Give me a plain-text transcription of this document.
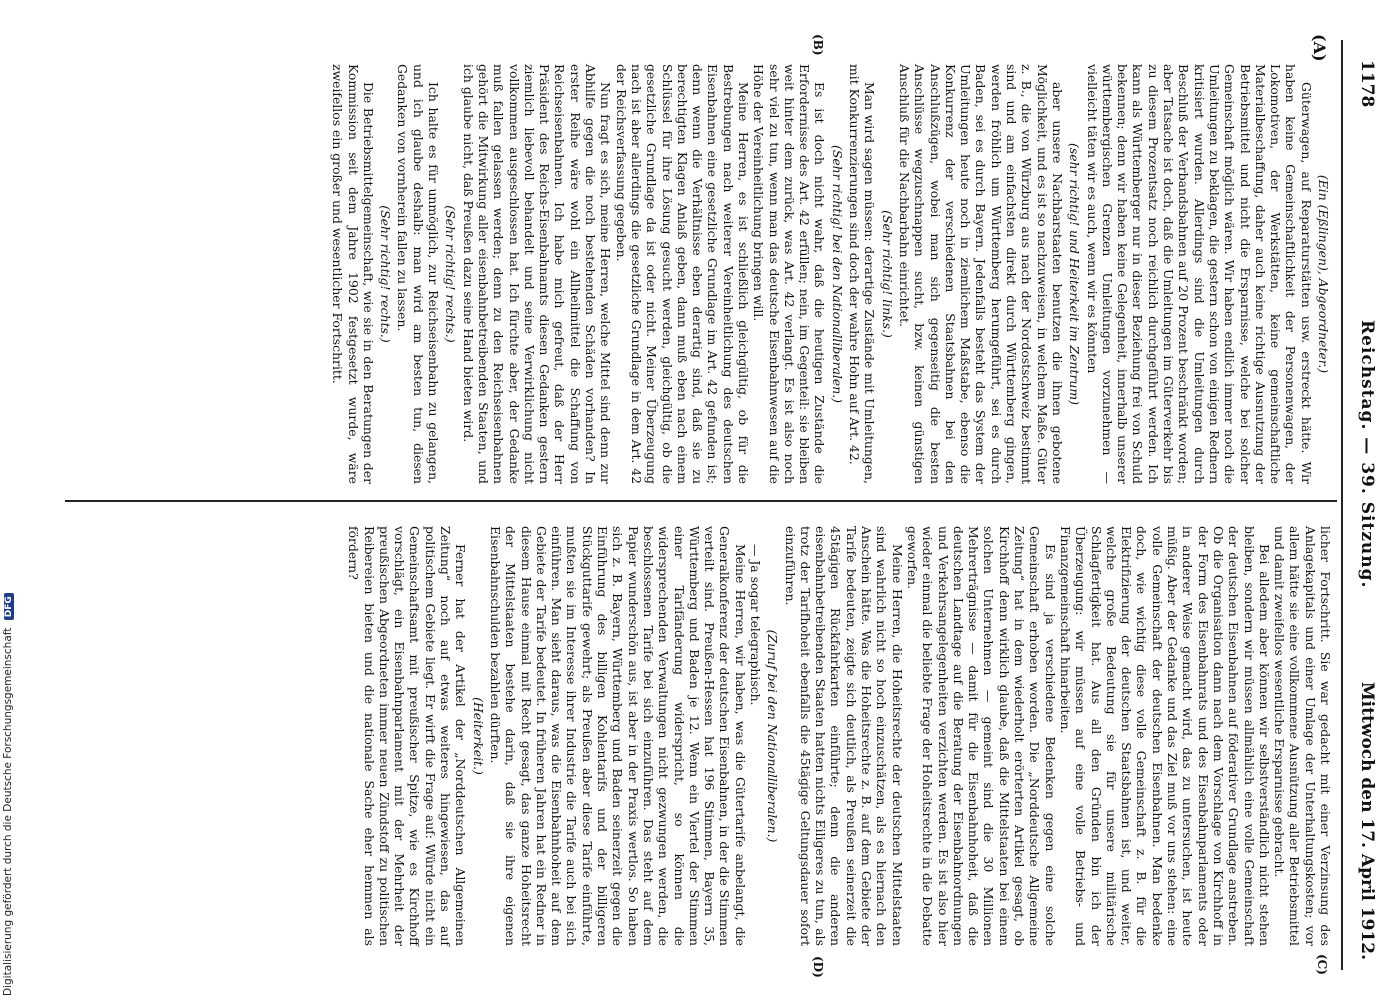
1178
Reichstag. — 39. Sitzung.
Mittwoch den 17. April 1912.
(A)
(B)
(C)
(D)

(Ein (Eßlingen), Abgeordneter.)

Güterwagen, auf Reparaturstätten usw. erstreckt hätte. Wir haben keine Gemeinschaftlichkeit der Personenwagen, der Lokomotiven, der Werkstätten, keine gemeinschaftliche Materialbeschaffung, daher auch keine richtige Ausnutzung der Betriebsmittel und nicht die Ersparnisse, welche bei solcher Gemeinschaft möglich wären. Wir haben endlich immer noch die Umleitungen zu beklagen, die gestern schon von einigen Rednern kritisiert wurden. Allerdings sind die Umleitungen durch Beschluß der Verbandsbahnen auf 20 Prozent beschränkt worden; aber Tatsache ist doch, daß die Umleitungen im Güterverkehr bis zu diesem Prozentsatz noch reichlich durchgeführt werden. Ich kann als Württemberger nur in dieser Beziehung frei von Schuld bekennen; denn wir haben keine Gelegenheit, innerhalb unserer württembergischen Grenzen Umleitungen vorzunehmen — vielleicht täten wir es auch, wenn wir es könnten

(sehr richtig! und Heiterkeit im Zentrum)

aber unsere Nachbarstaaten benutzen die ihnen gebotene Möglichkeit, und es ist so nachzuweisen, in welchem Maße. Güter z. B., die von Würzburg aus nach der Nordostschweiz bestimmt sind und am einfachsten direkt durch Württemberg gingen, werden fröhlich um Württemberg herumgeführt, sei es durch Baden, sei es durch Bayern. Jedenfalls besteht das System der Umleitungen heute noch in ziemlichem Maßstabe, ebenso die Konkurrenz der verschiedenen Staatsbahnen bei den Anschlußzügen, wobei man sich gegenseitig die besten Anschlüsse wegzuschnappen sucht, bzw. keinen günstigen Anschluß für die Nachbarbahn einrichtet.

(Sehr richtig! links.)

Man wird sagen müssen: derartige Zustände mit Umleitungen, mit Konkurrenzierungen sind doch der wahre Hohn auf Art. 42.

(Sehr richtig! bei den Nationalliberalen.)

Es ist doch nicht wahr, daß die heutigen Zustände die Erfordernisse des Art. 42 erfüllen; nein, im Gegenteil: sie bleiben weit hinter dem zurück, was Art. 42 verlangt. Es ist also noch sehr viel zu tun, wenn man das deutsche Eisenbahnwesen auf die Höhe der Vereinheitlichung bringen will.

Meine Herren, es ist schließlich gleichgültig, ob für die Bestrebungen nach weiterer Vereinheitlichung des deutschen Eisenbahnen eine gesetzliche Grundlage im Art. 42 gefunden ist; denn wenn die Verhältnisse eben derartig sind, daß sie zu berechtigten Klagen Anlaß geben, dann muß eben nach einem Schlüssel für ihre Lösung gesucht werden, gleichgültig, ob die gesetzliche Grundlage da ist oder nicht. Meiner Überzeugung nach ist aber allerdings die gesetzliche Grundlage in dem Art. 42 der Reichsverfassung gegeben.

Nun fragt es sich, meine Herren, welche Mittel sind denn zur Abhilfe gegen die noch bestehenden Schäden vorhanden? In erster Reihe wäre wohl ein Allheilmittel die Schaffung von Reichseisenbahnen. Ich habe mich gefreut, daß der Herr Präsident des Reichs-Eisenbahnamts diesen Gedanken gestern ziemlich liebevoll behandelt und seine Verwirklichung nicht vollkommen ausgeschlossen hat. Ich fürchte aber, der Gedanke muß fallen gelassen werden; denn zu den Reichseisenbahnen gehört die Mitwirkung aller eisenbahnbetreibenden Staaten, und ich glaube nicht, daß Preußen dazu seine Hand bieten wird.

(Sehr richtig! rechts.)

Ich halte es für unmöglich, zur Reichseisenbahn zu gelangen, und ich glaube deshalb: man wird am besten tun, diesen Gedanken von vornherein fallen zu lassen.

(Sehr richtig! rechts.)

Die Betriebsmittelgemeinschaft, wie sie in den Beratungen der Kommission seit dem Jahre 1902 festgesetzt wurde, wäre zweifellos ein großer und wesentlicher Fortschritt.

licher Fortschritt. Sie war gedacht mit einer Verzinsung des Anlagekapitals und einer Umlage der Unterhaltungskosten; vor allem hätte sie eine vollkommene Ausnützung aller Betriebsmittel und damit zweifellos wesentliche Ersparnisse gebracht.

Bei alledem aber können wir selbstverständlich nicht stehen bleiben, sondern wir müssen allmählich eine volle Gemeinschaft der deutschen Eisenbahnen auf föderativer Grundlage anstreben. Ob die Organisation dann nach dem Vorschlage von Kirchhoff in der Form des Eisenbahnrats und des Eisenbahnparlaments oder in anderer Weise gemacht wird, das zu untersuchen, ist heute müßig. Aber der Gedanke und das Ziel muß vor uns stehen: eine volle Gemeinschaft der deutschen Eisenbahnen. Man bedenke doch, wie wichtig diese volle Gemeinschaft z. B. für die Elektrifizierung der deutschen Staatsbahnen ist, und weiter, welche große Bedeutung sie für unsere militärische Schlagfertigkeit hat. Aus all den Gründen bin ich der Überzeugung: wir müssen auf eine volle Betriebs- und Finanzgemeinschaft hinarbeiten.

Es sind ja verschiedene Bedenken gegen eine solche Gemeinschaft erhoben worden. Die „Norddeutsche Allgemeine Zeitung“ hat in dem wiederholt erörterten Artikel gesagt, ob Kirchhoff denn wirklich glaube, daß die Mittelstaaten bei einem solchen Unternehmen — gemeint sind die 30 Millionen Mehrerträgnisse — damit für die Eisenbahnhoheit, daß die deutschen Landtage auf die Beratung der Eisenbahnordnungen und Verkehrsangelegenheiten verzichten werden. Es ist also hier wieder einmal die beliebte Frage der Hoheitsrechte in die Debatte geworfen.

Meine Herren, die Hoheitsrechte der deutschen Mittelstaaten sind wahrlich nicht so hoch einzuschätzen, als es hiernach den Anschein hätte. Was die Hoheitsrechte z. B. auf dem Gebiete der Tarife bedeuten, zeigte sich deutlich, als Preußen seinerzeit die 45tägigen Rückfahrkarten einführte; denn die anderen eisenbahnbetreibenden Staaten hatten nichts Eiligeres zu tun, als trotz der Tarifhoheit ebenfalls die 45tägige Geltungsdauer sofort einzuführen.

(Zuruf bei den Nationalliberalen.)

— Ja sogar telegraphisch.

Meine Herren, wir haben, was die Gütertarife anbelangt, die Generalkonferenz der deutschen Eisenbahnen, in der die Stimmen verteilt sind. Preußen-Hessen hat 196 Stimmen, Bayern 35, Württemberg und Baden je 12. Wenn ein Viertel der Stimmen einer Tarifänderung widerspricht, so können die widersprechenden Verwaltungen nicht gezwungen werden, die beschlossenen Tarife bei sich einzuführen. Das steht auf dem Papier wunderschön aus, ist aber in der Praxis wertlos. So haben sich z. B. Bayern, Württemberg und Baden seinerzeit gegen die Einführung des billigen Kohlentarifs und der billigeren Stückguttarife gewehrt; als Preußen aber diese Tarife einführte, mußten sie im Interesse ihrer Industrie die Tarife auch bei sich einführen. Man sieht daraus, was die Eisenbahnhoheit auf dem Gebiete der Tarife bedeutet. In früheren Jahren hat ein Redner in diesem Hause einmal mit Recht gesagt, das ganze Hoheitsrecht der Mittelstaaten bestehe darin, daß sie ihre eigenen Eisenbahnschulden bezahlen dürften.

(Heiterkeit.)

Ferner hat der Artikel der „Norddeutschen Allgemeinen Zeitung“ noch auf etwas weiteres hingewiesen, das auf politischem Gebiete liegt. Er wirft die Frage auf: Würde nicht ein Gemeinschaftsamt mit preußischer Spitze, wie es Kirchhoff vorschlägt, ein Eisenbahnparlament mit der Mehrheit der preußischen Abgeordneten immer neuen Zündstoff zu politischen Reibereien bieten und die nationale Sache eher hemmen als fördern?

Digitalisierung gefördert durch die Deutsche Forschungsgemeinschaft DFG
